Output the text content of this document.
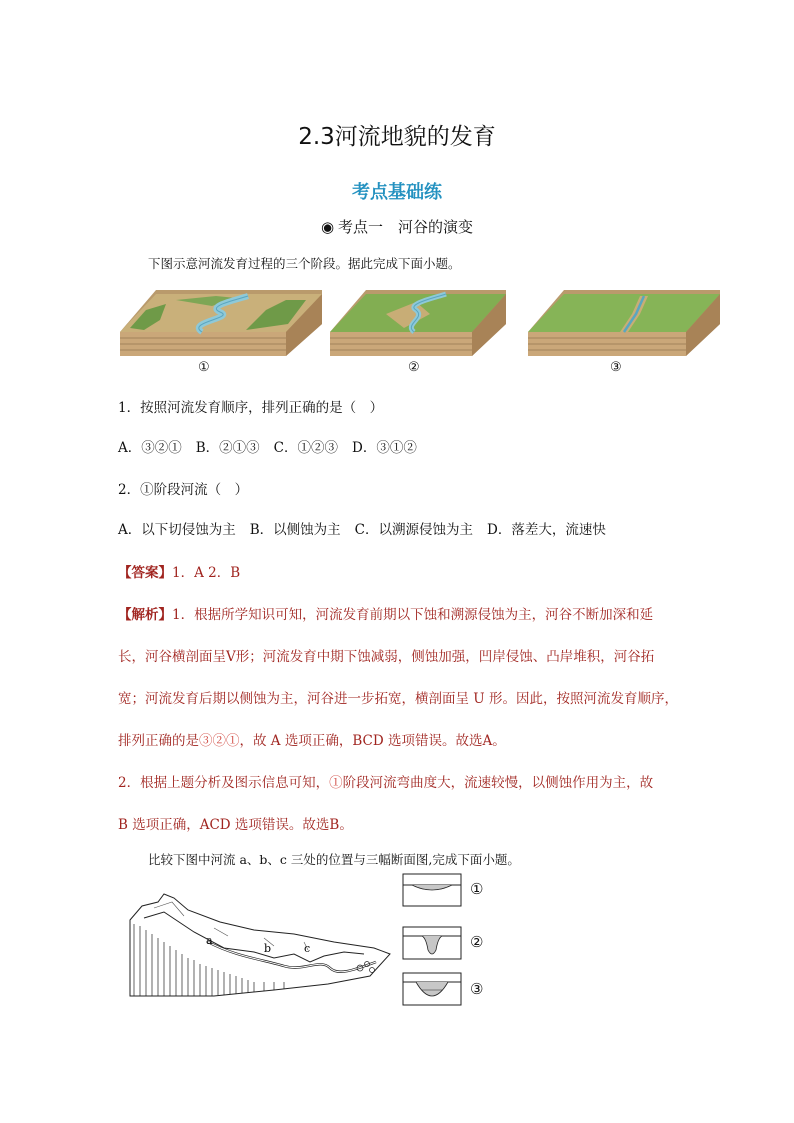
2.3河流地貌的发育
考点基础练
◉ 考点一　河谷的演变
下图示意河流发育过程的三个阶段。据此完成下面小题。
①	②	③
1．按照河流发育顺序，排列正确的是（　）
A．③②① B．②①③ C．①②③ D．③①②
2．①阶段河流（　）
A．以下切侵蚀为主 B．以侧蚀为主 C．以溯源侵蚀为主 D．落差大，流速快
【答案】1．A 2．B
【解析】1．根据所学知识可知，河流发育前期以下蚀和溯源侵蚀为主，河谷不断加深和延
长，河谷横剖面呈V形；河流发育中期下蚀减弱，侧蚀加强，凹岸侵蚀、凸岸堆积，河谷拓
宽；河流发育后期以侧蚀为主，河谷进一步拓宽，横剖面呈 U 形。因此，按照河流发育顺序，
排列正确的是③②①，故 A 选项正确，BCD 选项错误。故选A。
2．根据上题分析及图示信息可知，①阶段河流弯曲度大，流速较慢，以侧蚀作用为主，故
B 选项正确，ACD 选项错误。故选B。
比较下图中河流 a、b、c 三处的位置与三幅断面图,完成下面小题。
a
b	c
①
②
③
